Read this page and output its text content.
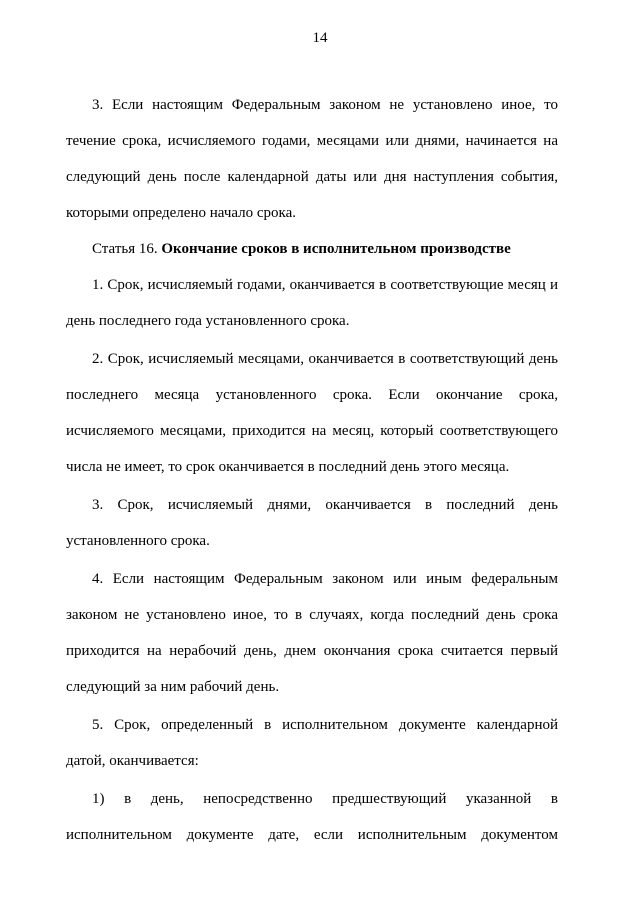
14

3. Если настоящим Федеральным законом не установлено иное, то течение срока, исчисляемого годами, месяцами или днями, начинается на следующий день после календарной даты или дня наступления события, которыми определено начало срока.

Статья 16. Окончание сроков в исполнительном производстве

1. Срок, исчисляемый годами, оканчивается в соответствующие месяц и день последнего года установленного срока.

2. Срок, исчисляемый месяцами, оканчивается в соответствующий день последнего месяца установленного срока. Если окончание срока, исчисляемого месяцами, приходится на месяц, который соответствующего числа не имеет, то срок оканчивается в последний день этого месяца.

3. Срок, исчисляемый днями, оканчивается в последний день установленного срока.

4. Если настоящим Федеральным законом или иным федеральным законом не установлено иное, то в случаях, когда последний день срока приходится на нерабочий день, днем окончания срока считается первый следующий за ним рабочий день.

5. Срок, определенный в исполнительном документе календарной датой, оканчивается:

1) в день, непосредственно предшествующий указанной в

исполнительном документе дате, если исполнительным документом
